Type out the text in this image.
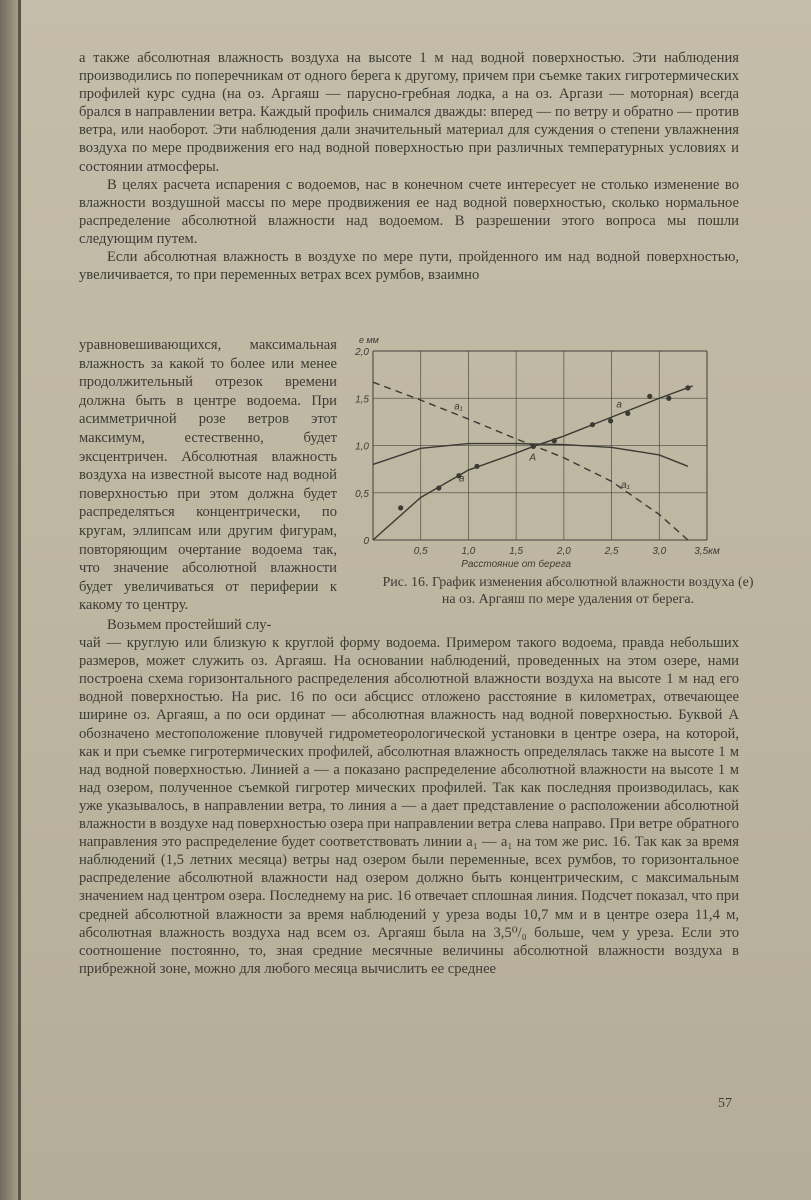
а также абсолютная влажность воздуха на высоте 1 м над водной поверхностью. Эти наблюдения производились по поперечникам от одного берега к другому, причем при съемке таких гигротермических профилей курс судна (на оз. Аргаяш — парусно-гребная лодка, а на оз. Аргази — моторная) всегда брался в направлении ветра. Каждый профиль снимался дважды: вперед — по ветру и обратно — против ветра, или наоборот. Эти наблюдения дали значительный материал для суждения о степени увлажнения воздуха по мере продвижения его над водной поверхностью при различных температурных условиях и состоянии атмосферы.

В целях расчета испарения с водоемов, нас в конечном счете интересует не столько изменение во влажности воздушной массы по мере продвижения ее над водной поверхностью, сколько нормальное распределение абсолютной влажности над водоемом. В разрешении этого вопроса мы пошли следующим путем.

Если абсолютная влажность в воздухе по мере пути, пройденного им над водной поверхностью, увеличивается, то при переменных ветрах всех румбов, взаимно

уравновешивающихся, максимальная влажность за какой то более или менее продолжительный отрезок времени должна быть в центре водоема. При асимметричной розе ветров этот максимум, естественно, будет эксцентричен. Абсолютная влажность воздуха на известной высоте над водной поверхностью при этом должна будет распределяться концентрически, по кругам, эллипсам или другим фигурам, повторяющим очертание водоема так, что значение абсолютной влажности будет увеличиваться от периферии к какому то центру.

0
0,5
1,0
1,5
2,0
0,5	1,0	1,5	2,0	2,5	3,0	3,5км
e мм
Расстояние от берега
A
a
a
a₁
a₁
Рис. 16. График изменения абсолютной влажности воздуха (e) на оз. Аргаяш по мере удаления от берега.

Возьмем простейший слу-

чай — круглую или близкую к круглой форму водоема. Примером такого водоема, правда небольших размеров, может служить оз. Аргаяш. На основании наблюдений, проведенных на этом озере, нами построена схема горизонтального распределения абсолютной влажности воздуха на высоте 1 м над его водной поверхностью. На рис. 16 по оси абсцисс отложено расстояние в километрах, отвечающее ширине оз. Аргаяш, а по оси ординат — абсолютная влажность над водной поверхностью. Буквой A обозначено местоположение пловучей гидрометеорологической установки в центре озера, на которой, как и при съемке гигротермических профилей, абсолютная влажность определялась также на высоте 1 м над водной поверхностью. Линией a — a показано распределение абсолютной влажности на высоте 1 м над озером, полученное съемкой гигротер мических профилей. Так как последняя производилась, как уже указывалось, в направлении ветра, то линия a — a дает представление о расположении абсолютной влажности в воздухе над поверхностью озера при направлении ветра слева направо. При ветре обратного направления это распределение будет соответствовать линии a₁ — a₁ на том же рис. 16. Так как за время наблюдений (1,5 летних месяца) ветры над озером были переменные, всех румбов, то горизонтальное распределение абсолютной влажности над озером должно быть концентрическим, с максимальным значением над центром озера. Последнему на рис. 16 отвечает сплошная линия. Подсчет показал, что при средней абсолютной влажности за время наблюдений у уреза воды 10,7 мм и в центре озера 11,4 м, абсолютная влажность воздуха над всем оз. Аргаяш была на 3,5⁰/₀ больше, чем у уреза. Если это соотношение постоянно, то, зная средние месячные величины абсолютной влажности воздуха в прибрежной зоне, можно для любого месяца вычислить ее среднее

57
